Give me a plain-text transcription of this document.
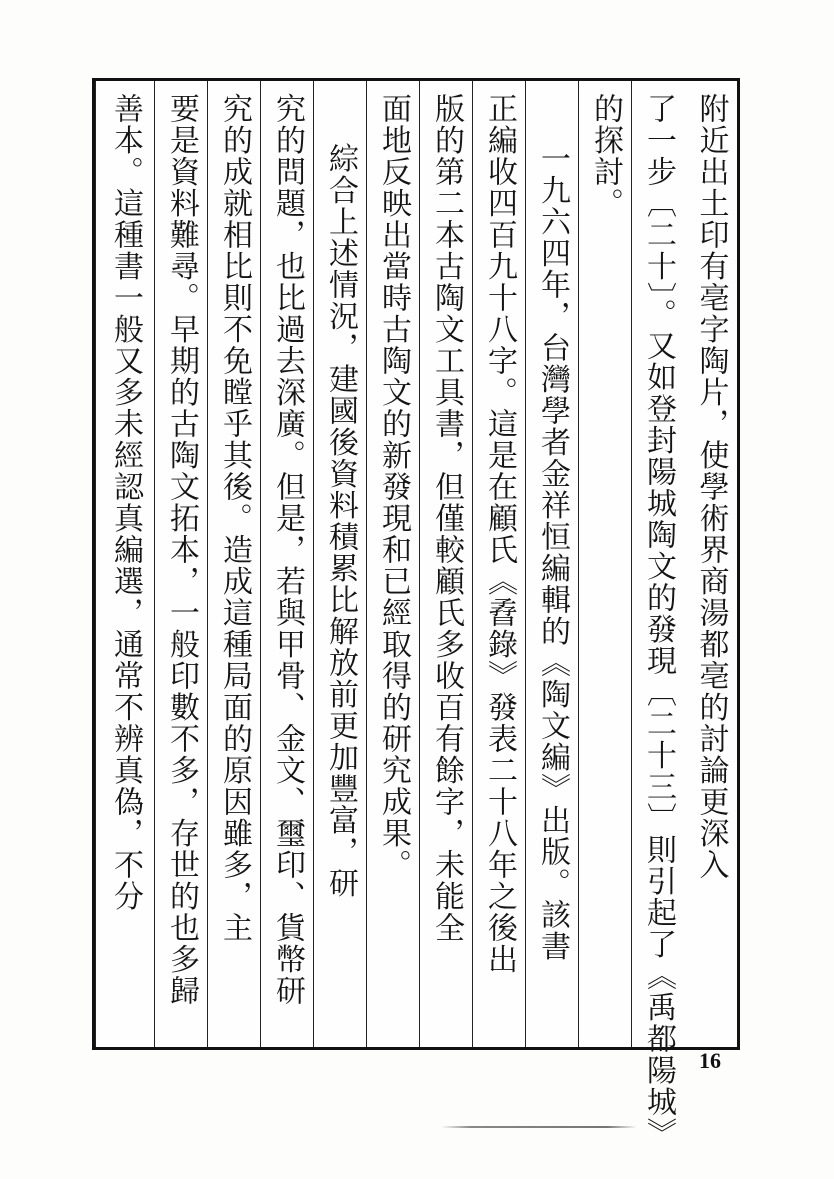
附近出土印有亳字陶片，使學術界商湯都亳的討論更深入
了一步〔二十〕。又如登封陽城陶文的發現〔二十三〕則引起了《禹都陽城》
的探討。
一九六四年，台灣學者金祥恒編輯的《陶文編》出版。該書
正編收四百九十八字。這是在顧氏《孴錄》發表二十八年之後出
版的第二本古陶文工具書，但僅較顧氏多收百有餘字，未能全
面地反映出當時古陶文的新發現和已經取得的研究成果。
綜合上述情況，建國後資料積累比解放前更加豐富，研
究的問題，也比過去深廣。但是，若與甲骨、金文、璽印、貨幣研
究的成就相比則不免瞠乎其後。造成這種局面的原因雖多，主
要是資料難尋。早期的古陶文拓本，一般印數不多，存世的也多歸
善本。這種書一般又多未經認真編選，通常不辨真偽，不分
16
